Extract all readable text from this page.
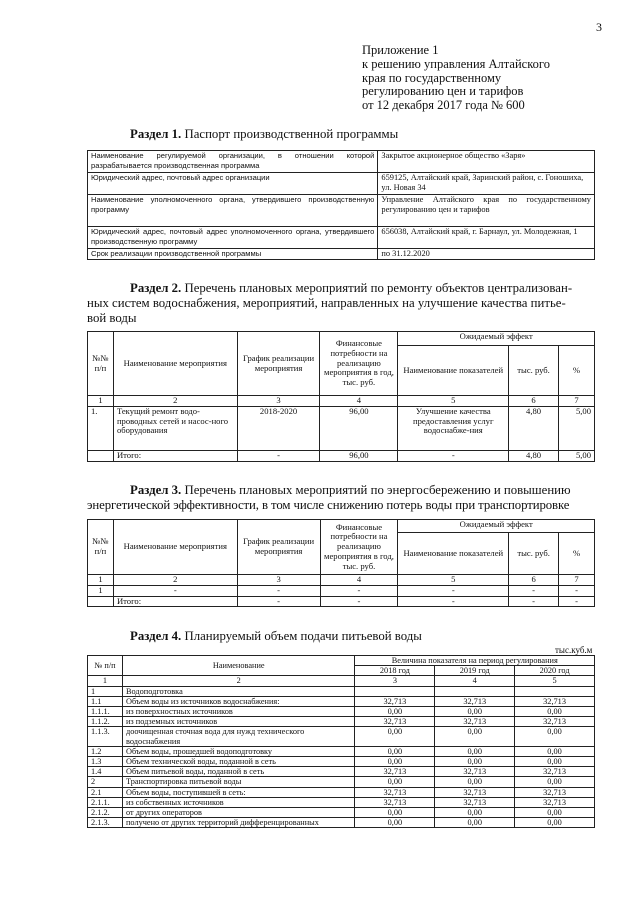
3
Приложение 1
к решению управления Алтайского
края по государственному
регулированию цен и тарифов
от 12 декабря 2017 года № 600
Раздел 1. Паспорт производственной программы
Наименование регулируемой организации, в отношении которой разрабатывается производственная программа	Закрытое акционерное общество «Заря»
Юридический адрес, почтовый адрес организации	659125, Алтайский край, Заринский район, с. Гоношиха, ул. Новая 34
Наименование уполномоченного органа, утвердившего производственную программу	Управление Алтайского края по государственному регулированию цен и тарифов
Юридический адрес, почтовый адрес уполномоченного органа, утвердившего производственную программу	656038, Алтайский край, г. Барнаул, ул. Молодежная, 1
Срок реализации производственной программы	по 31.12.2020
Раздел 2. Перечень плановых мероприятий по ремонту объектов централизован-
ных систем водоснабжения, мероприятий, направленных на улучшение качества питье-
вой воды
№№ п/п	Наименование мероприятия	График реализации мероприятия	Финансовые потребности на реализацию мероприятия в год, тыс. руб.	Ожидаемый эффект		
				Наименование показателей	тыс. руб.	%
1	2	3	4	5	6	7
1.	Текущий ремонт водо-проводных сетей и насос-ного оборудования	2018-2020	96,00	Улучшение качества предоставления услуг водоснабже-ния	4,80	5,00
	Итого:	-	96,00	-	4,80	5,00
Раздел 3. Перечень плановых мероприятий по энергосбережению и повышению
энергетической эффективности, в том числе снижению потерь воды при транспортировке
№№ п/п	Наименование мероприятия	График реализации мероприятия	Финансовые потребности на реализацию мероприятия в год, тыс. руб.	Ожидаемый эффект		
				Наименование показателей	тыс. руб.	%
1	2	3	4	5	6	7
1	-	-	-	-	-	-
	Итого:	-	-	-	-	-
Раздел 4. Планируемый объем подачи питьевой воды
тыс.куб.м
№ п/п	Наименование	Величина показателя на период регулирования		
		2018 год	2019 год	2020 год
1	2	3	4	5
1	Водоподготовка			
1.1	Объем воды из источников водоснабжения:	32,713	32,713	32,713
1.1.1.	из поверхностных источников	0,00	0,00	0,00
1.1.2.	из подземных источников	32,713	32,713	32,713
1.1.3.	доочищенная сточная вода для нужд технического водоснабжения	0,00	0,00	0,00
1.2	Объем воды, прошедшей водоподготовку	0,00	0,00	0,00
1.3	Объем технической воды, поданной в сеть	0,00	0,00	0,00
1.4	Объем питьевой воды, поданной в сеть	32,713	32,713	32,713
2	Транспортировка питьевой воды	0,00	0,00	0,00
2.1	Объем воды, поступившей в сеть:	32,713	32,713	32,713
2.1.1.	из собственных источников	32,713	32,713	32,713
2.1.2.	от других операторов	0,00	0,00	0,00
2.1.3.	получено от других территорий дифференцированных	0,00	0,00	0,00
